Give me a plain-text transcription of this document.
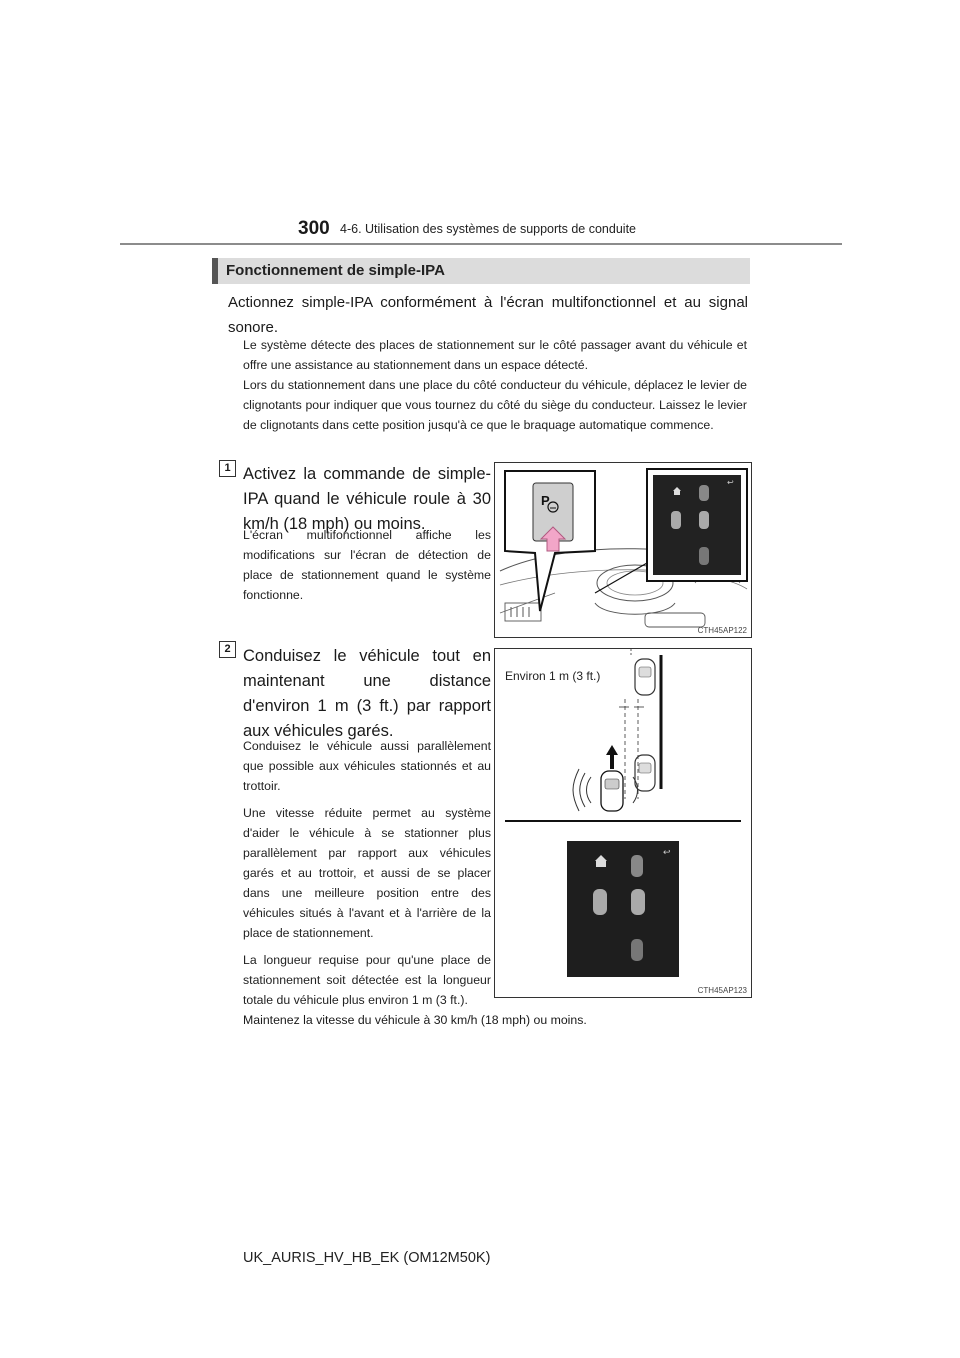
300 4-6. Utilisation des systèmes de supports de conduite
Fonctionnement de simple-IPA
Actionnez simple-IPA conformément à l'écran multifonctionnel et au signal sonore.

Le système détecte des places de stationnement sur le côté passager avant du véhicule et offre une assistance au stationnement dans un espace détecté.

Lors du stationnement dans une place du côté conducteur du véhicule, déplacez le levier de clignotants pour indiquer que vous tournez du côté du siège du conducteur. Laissez le levier de clignotants dans cette position jusqu'à ce que le braquage automatique commence.

1 Activez la commande de simple-IPA quand le véhicule roule à 30 km/h (18 mph) ou moins.
L'écran multifonctionnel affiche les modifications sur l'écran de détection de place de stationnement quand le système fonctionne.
P
↩
CTH45AP122
2 Conduisez le véhicule tout en maintenant une distance d'environ 1 m (3 ft.) par rapport aux véhicules garés.

Conduisez le véhicule aussi parallèlement que possible aux véhicules stationnés et au trottoir.

Une vitesse réduite permet au système d'aider le véhicule à se stationner plus parallèlement par rapport aux véhicules garés et au trottoir, et aussi de se placer dans une meilleure position entre des véhicules situés à l'avant et à l'arrière de la place de stationnement.

La longueur requise pour qu'une place de stationnement soit détectée est la longueur totale du véhicule plus environ 1 m (3 ft.).

↩
Environ 1 m (3 ft.)
CTH45AP123
Maintenez la vitesse du véhicule à 30 km/h (18 mph) ou moins.
UK_AURIS_HV_HB_EK (OM12M50K)
